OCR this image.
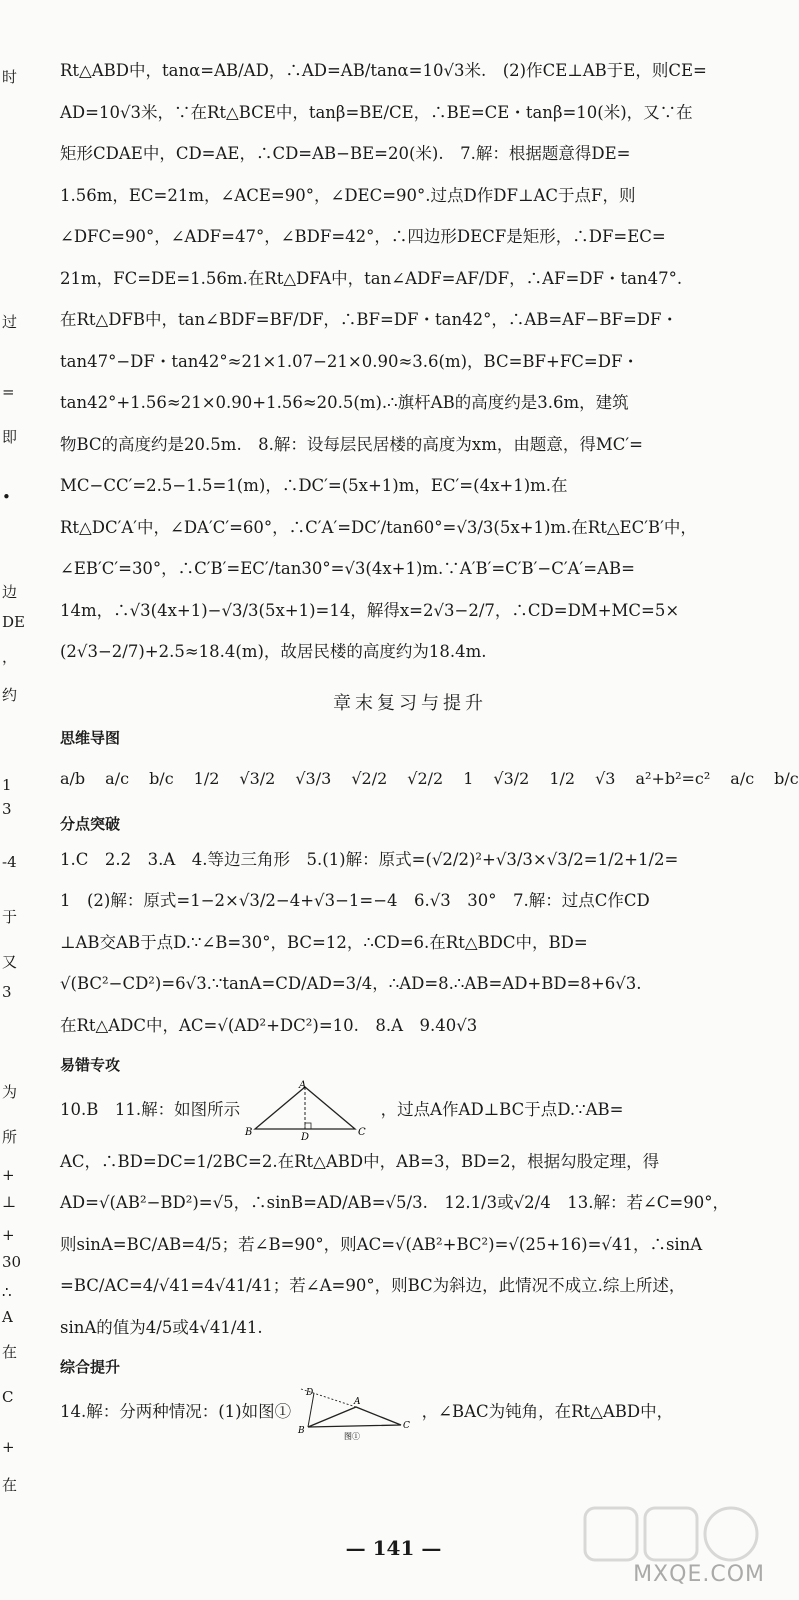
时
过
=
即
•
边
DE
，
约
1
3
-4
于
又
3
为
所
+
⊥
+
30
∴
A
在
C
+
在

Rt△ABD中，tanα=AB/AD，∴AD=AB/tanα=10√3米.　(2)作CE⊥AB于E，则CE=

AD=10√3米，∵在Rt△BCE中，tanβ=BE/CE，∴BE=CE・tanβ=10(米)，又∵在

矩形CDAE中，CD=AE，∴CD=AB−BE=20(米).　7.解：根据题意得DE=

1.56m，EC=21m，∠ACE=90°，∠DEC=90°.过点D作DF⊥AC于点F，则

∠DFC=90°，∠ADF=47°，∠BDF=42°，∴四边形DECF是矩形，∴DF=EC=

21m，FC=DE=1.56m.在Rt△DFA中，tan∠ADF=AF/DF，∴AF=DF・tan47°.

在Rt△DFB中，tan∠BDF=BF/DF，∴BF=DF・tan42°，∴AB=AF−BF=DF・

tan47°−DF・tan42°≈21×1.07−21×0.90≈3.6(m)，BC=BF+FC=DF・

tan42°+1.56≈21×0.90+1.56≈20.5(m).∴旗杆AB的高度约是3.6m，建筑

物BC的高度约是20.5m.　8.解：设每层民居楼的高度为xm，由题意，得MC′=

MC−CC′=2.5−1.5=1(m)，∴DC′=(5x+1)m，EC′=(4x+1)m.在

Rt△DC′A′中，∠DA′C′=60°，∴C′A′=DC′/tan60°=√3/3(5x+1)m.在Rt△EC′B′中，

∠EB′C′=30°，∴C′B′=EC′/tan30°=√3(4x+1)m.∵A′B′=C′B′−C′A′=AB=

14m，∴√3(4x+1)−√3/3(5x+1)=14，解得x=2√3−2/7，∴CD=DM+MC=5×

(2√3−2/7)+2.5≈18.4(m)，故居民楼的高度约为18.4m.

章末复习与提升
思维导图
a/b a/c b/c 1/2 √3/2 √3/3 √2/2 √2/2 1 √3/2 1/2 √3 a²+b²=c² a/c b/c
分点突破

1.C　2.2　3.A　4.等边三角形　5.(1)解：原式=(√2/2)²+√3/3×√3/2=1/2+1/2=

1　(2)解：原式=1−2×√3/2−4+√3−1=−4　6.√3　30°　7.解：过点C作CD

⊥AB交AB于点D.∵∠B=30°，BC=12，∴CD=6.在Rt△BDC中，BD=

√(BC²−CD²)=6√3.∵tanA=CD/AD=3/4，∴AD=8.∴AB=AD+BD=8+6√3.

在Rt△ADC中，AC=√(AD²+DC²)=10.　8.A　9.40√3

易错专攻

10.B　11.解：如图所示
A
B	C
D
，过点A作AD⊥BC于点D.∵AB=

AC，∴BD=DC=1/2BC=2.在Rt△ABD中，AB=3，BD=2，根据勾股定理，得

AD=√(AB²−BD²)=√5，∴sinB=AD/AB=√5/3.　12.1/3或√2/4　13.解：若∠C=90°，

则sinA=BC/AB=4/5；若∠B=90°，则AC=√(AB²+BC²)=√(25+16)=√41，∴sinA

=BC/AC=4/√41=4√41/41；若∠A=90°，则BC为斜边，此情况不成立.综上所述，

sinA的值为4/5或4√41/41.

综合提升

14.解：分两种情况：(1)如图①
D
A
B	C
图①
，∠BAC为钝角，在Rt△ABD中，

— 141 —
MXQE.COM
